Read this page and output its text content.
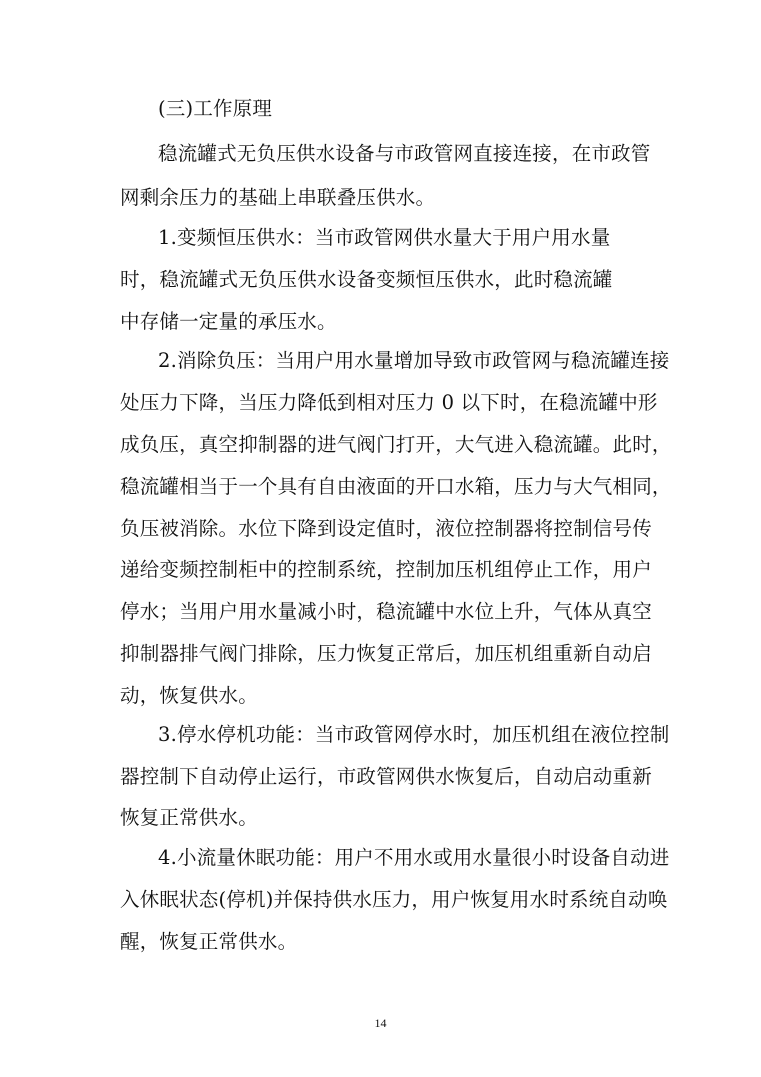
(三)工作原理
稳流罐式无负压供水设备与市政管网直接连接，在市政管
网剩余压力的基础上串联叠压供水。
1.变频恒压供水：当市政管网供水量大于用户用水量
时，稳流罐式无负压供水设备变频恒压供水，此时稳流罐
中存储一定量的承压水。
2.消除负压：当用户用水量增加导致市政管网与稳流罐连接
处压力下降，当压力降低到相对压力 0 以下时，在稳流罐中形
成负压，真空抑制器的进气阀门打开，大气进入稳流罐。此时，
稳流罐相当于一个具有自由液面的开口水箱，压力与大气相同，
负压被消除。水位下降到设定值时，液位控制器将控制信号传
递给变频控制柜中的控制系统，控制加压机组停止工作，用户
停水；当用户用水量减小时，稳流罐中水位上升，气体从真空
抑制器排气阀门排除，压力恢复正常后，加压机组重新自动启
动，恢复供水。
3.停水停机功能：当市政管网停水时，加压机组在液位控制
器控制下自动停止运行，市政管网供水恢复后，自动启动重新
恢复正常供水。
4.小流量休眠功能：用户不用水或用水量很小时设备自动进
入休眠状态(停机)并保持供水压力，用户恢复用水时系统自动唤
醒，恢复正常供水。
14
